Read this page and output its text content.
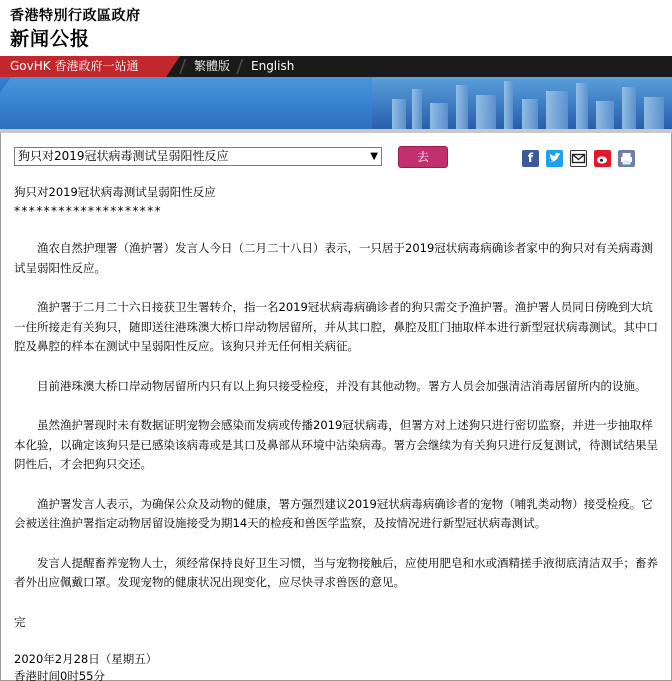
香港特別行政區政府
新闻公报
GovHK 香港政府一站通	繁體版 English
狗只对2019冠状病毒测试呈弱阳性反应	▼	去	f
狗只对2019冠状病毒测试呈弱阳性反应
********************

渔农自然护理署（渔护署）发言人今日（二月二十八日）表示，一只居于2019冠状病毒病确诊者家中的狗只对有关病毒测试呈弱阳性反应。

渔护署于二月二十六日接获卫生署转介，指一名2019冠状病毒病确诊者的狗只需交予渔护署。渔护署人员同日傍晚到大坑一住所接走有关狗只，随即送往港珠澳大桥口岸动物居留所，并从其口腔，鼻腔及肛门抽取样本进行新型冠状病毒测试。其中口腔及鼻腔的样本在测试中呈弱阳性反应。该狗只并无任何相关病征。

目前港珠澳大桥口岸动物居留所内只有以上狗只接受检疫，并没有其他动物。署方人员会加强清洁消毒居留所内的设施。

虽然渔护署现时未有数据证明宠物会感染而发病或传播2019冠状病毒，但署方对上述狗只进行密切监察，并进一步抽取样本化验，以确定该狗只是已感染该病毒或是其口及鼻部从环境中沾染病毒。署方会继续为有关狗只进行反复测试，待测试结果呈阴性后，才会把狗只交还。

渔护署发言人表示，为确保公众及动物的健康，署方强烈建议2019冠状病毒病确诊者的宠物（哺乳类动物）接受检疫。它会被送往渔护署指定动物居留设施接受为期14天的检疫和兽医学监察，及按情况进行新型冠状病毒测试。

发言人提醒畜养宠物人士，须经常保持良好卫生习惯，当与宠物接触后，应使用肥皂和水或酒精搓手液彻底清洁双手；畜养者外出应佩戴口罩。发现宠物的健康状况出现变化，应尽快寻求兽医的意见。

完
2020年2月28日（星期五）
香港时间0时55分
